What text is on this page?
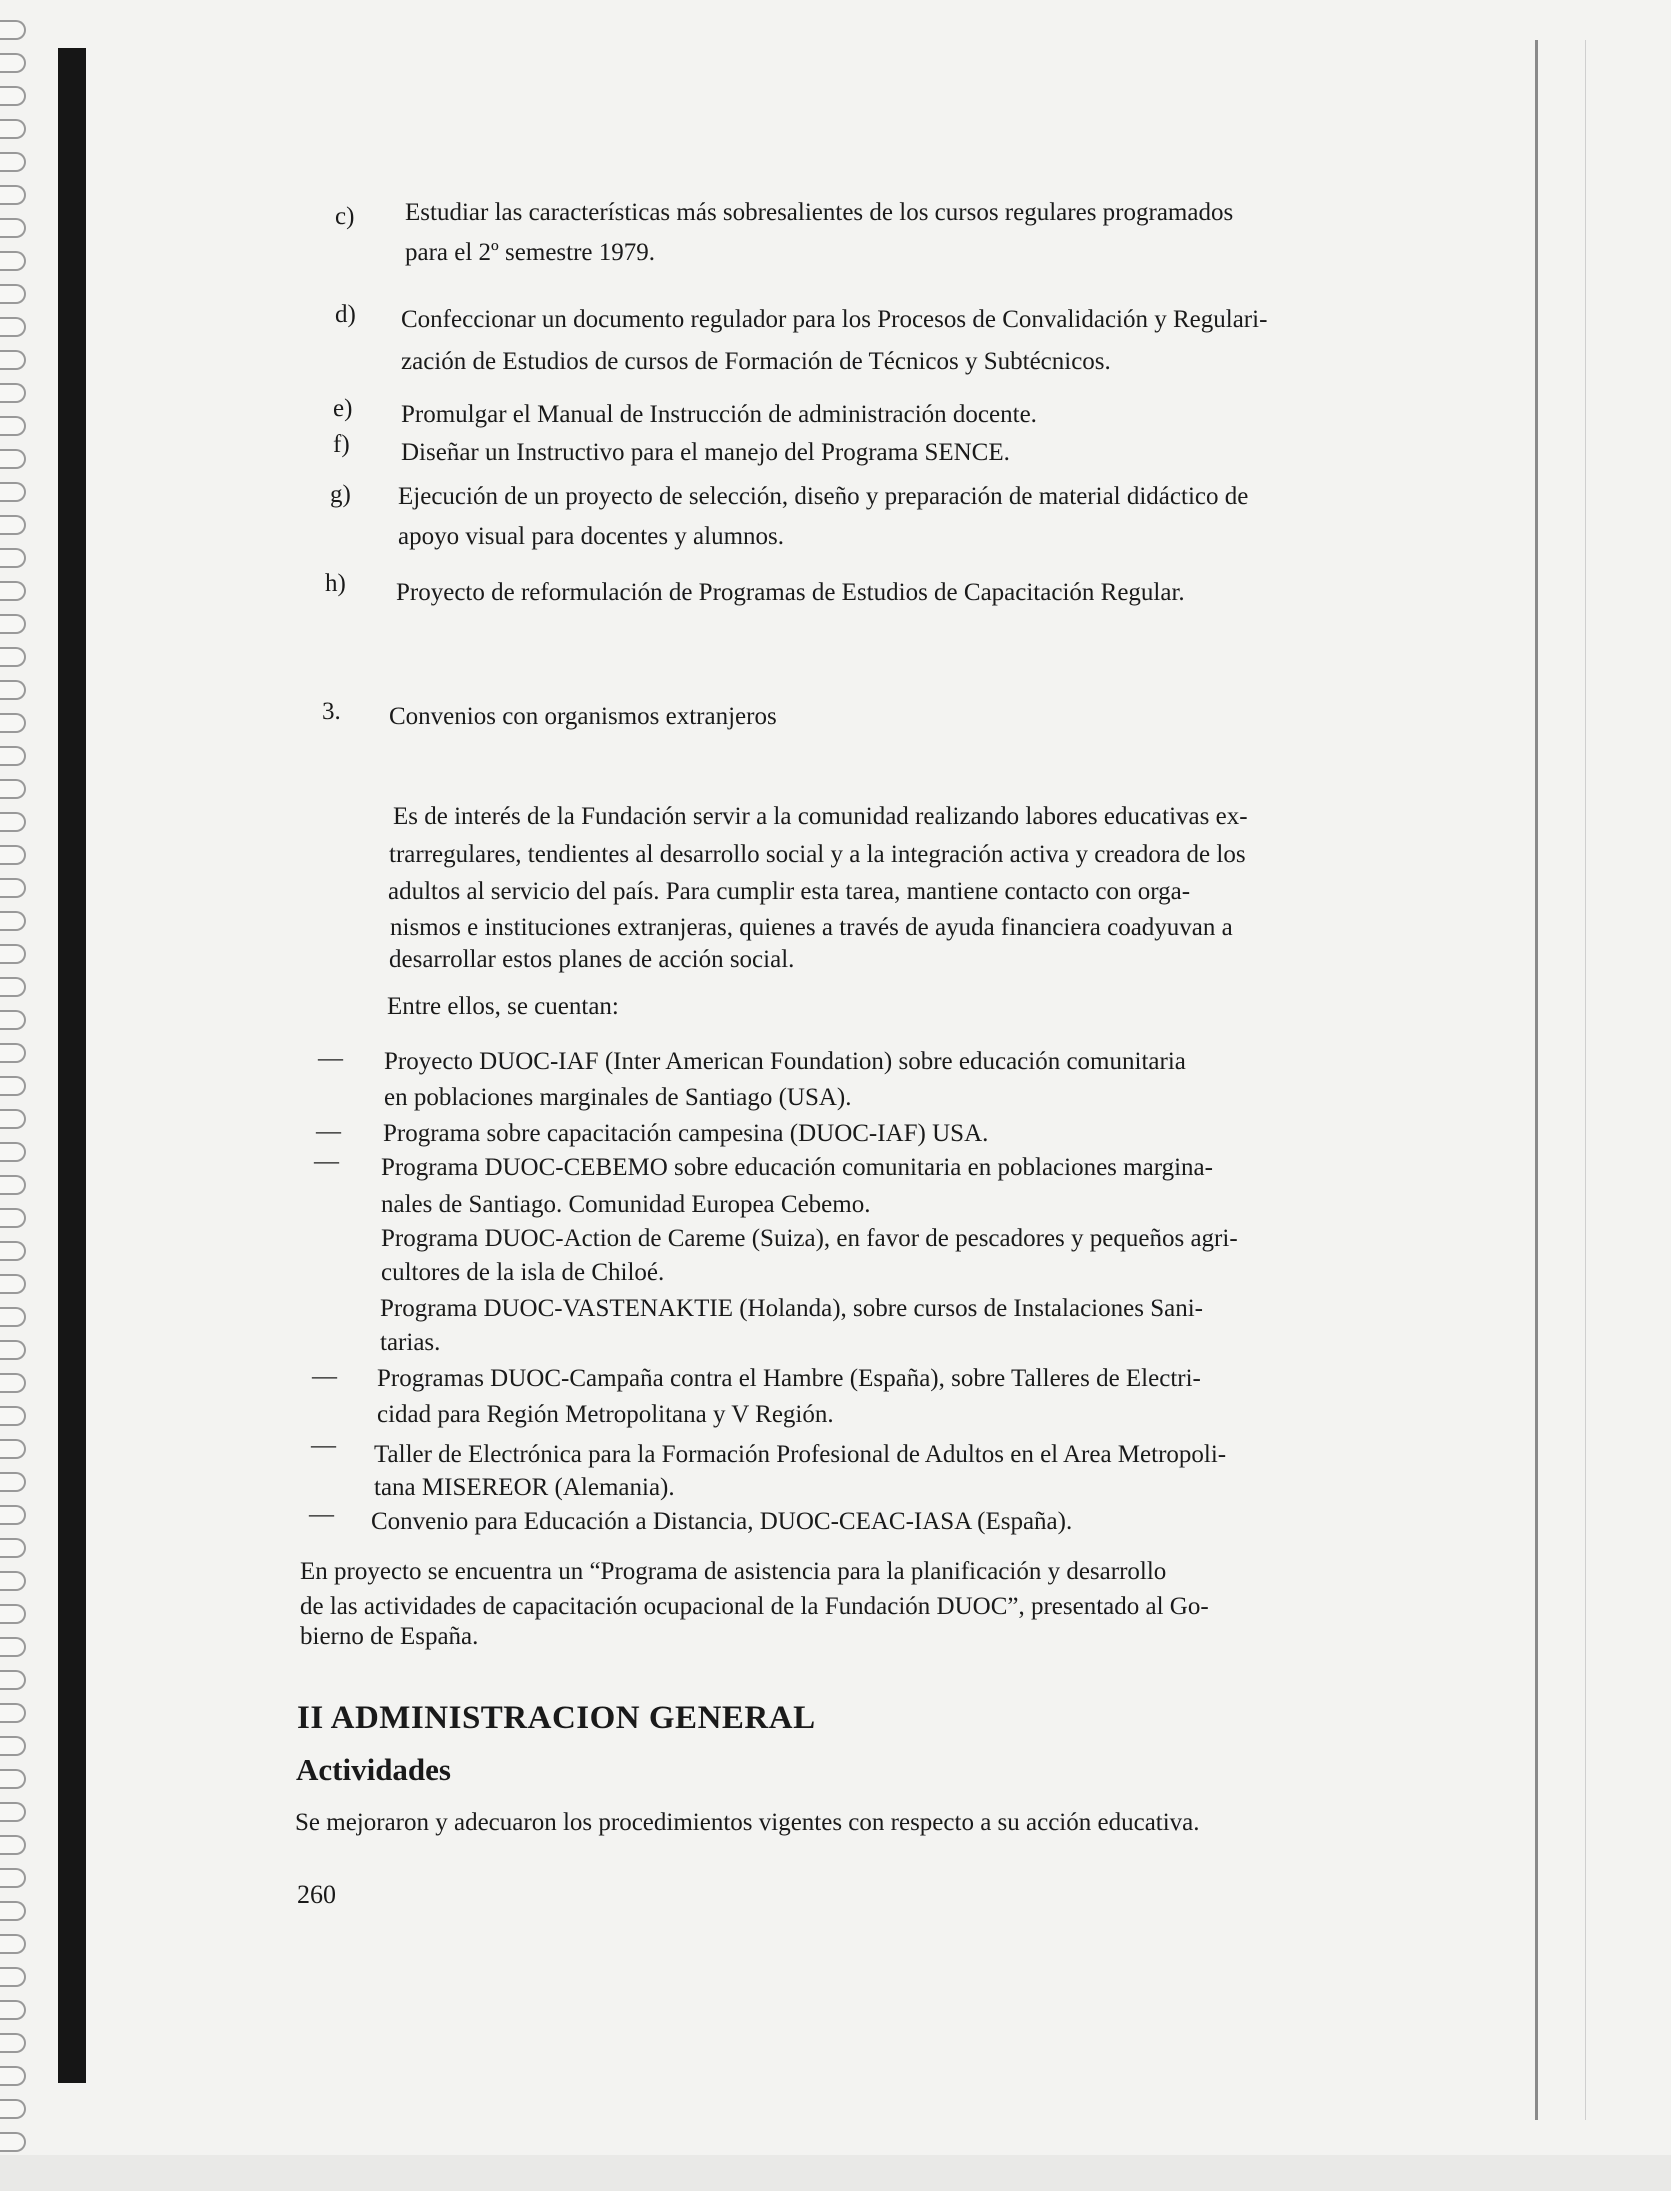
c) Estudiar las características más sobresalientes de los cursos regulares programados
para el 2º semestre 1979.
d) Confeccionar un documento regulador para los Procesos de Convalidación y Regulari-
zación de Estudios de cursos de Formación de Técnicos y Subtécnicos.
e) Promulgar el Manual de Instrucción de administración docente.
f) Diseñar un Instructivo para el manejo del Programa SENCE.
g) Ejecución de un proyecto de selección, diseño y preparación de material didáctico de
apoyo visual para docentes y alumnos.
h) Proyecto de reformulación de Programas de Estudios de Capacitación Regular.
3. Convenios con organismos extranjeros
Es de interés de la Fundación servir a la comunidad realizando labores educativas ex-
trarregulares, tendientes al desarrollo social y a la integración activa y creadora de los
adultos al servicio del país. Para cumplir esta tarea, mantiene contacto con orga-
nismos e instituciones extranjeras, quienes a través de ayuda financiera coadyuvan a
desarrollar estos planes de acción social.
Entre ellos, se cuentan:
— Proyecto DUOC-IAF (Inter American Foundation) sobre educación comunitaria
en poblaciones marginales de Santiago (USA).
— Programa sobre capacitación campesina (DUOC-IAF) USA.
— Programa DUOC-CEBEMO sobre educación comunitaria en poblaciones margina-
nales de Santiago. Comunidad Europea Cebemo.
Programa DUOC-Action de Careme (Suiza), en favor de pescadores y pequeños agri-
cultores de la isla de Chiloé.
Programa DUOC-VASTENAKTIE (Holanda), sobre cursos de Instalaciones Sani-
tarias.
— Programas DUOC-Campaña contra el Hambre (España), sobre Talleres de Electri-
cidad para Región Metropolitana y V Región.
— Taller de Electrónica para la Formación Profesional de Adultos en el Area Metropoli-
tana MISEREOR (Alemania).
— Convenio para Educación a Distancia, DUOC-CEAC-IASA (España).
En proyecto se encuentra un “Programa de asistencia para la planificación y desarrollo
de las actividades de capacitación ocupacional de la Fundación DUOC”, presentado al Go-
bierno de España.
II ADMINISTRACION GENERAL
Actividades
Se mejoraron y adecuaron los procedimientos vigentes con respecto a su acción educativa.
260
